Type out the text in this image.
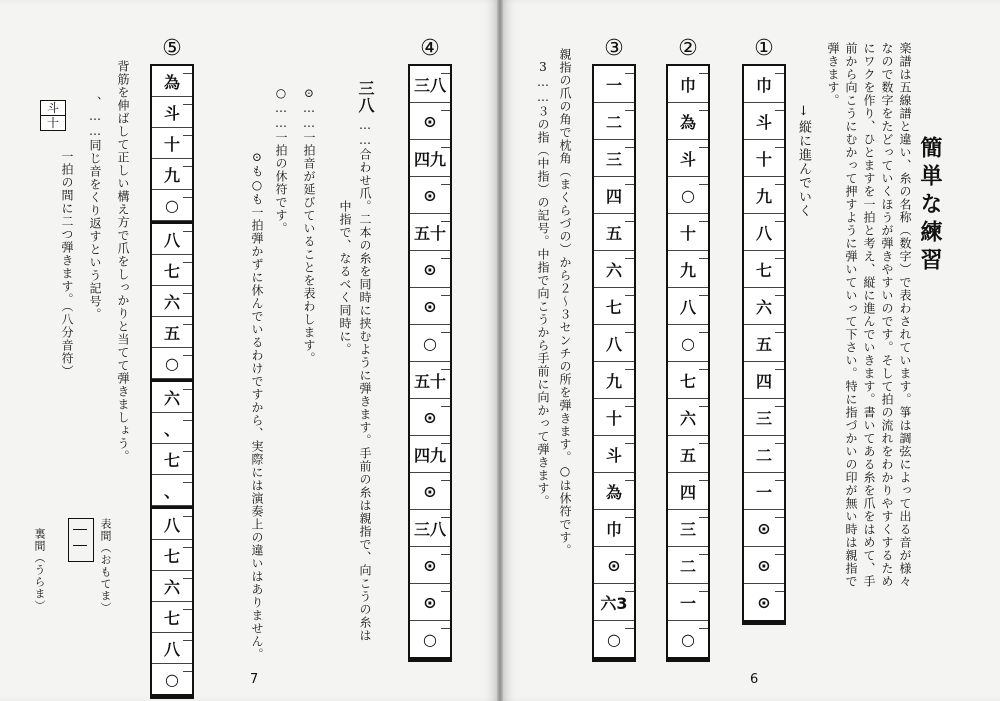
簡単な練習
楽譜は五線譜と違い、糸の名称（数字）で表わされています。箏は調弦によって出る音が様々
なので数字をたどっていくほうが弾きやすいのです。そして拍の流れをわかりやすくするため
にワクを作り、ひとますを一拍と考え、縦に進んでいきます。書いてある糸を爪をはめて、手
前から向こうにむかって押すように弾いていって下さい。特に指づかいの印が無い時は親指で
弾きます。
↓縦に進んでいく
①
巾
斗
十
九
八
七
六
五
四
三
二
一
⊙
⊙
⊙
②
巾
為
斗
○
十
九
八
○
七
六
五
四
三
二
一
○
③
一
二
三
四
五
六
七
八
九
十
斗
為
巾
⊙
六3
○
親指の爪の角で枕角（まくらづの）から２～３センチの所を弾きます。○は休符です。
3……３の指（中指）の記号。中指で向こうから手前に向かって弾きます。
6
④
三八
⊙
四九
⊙
五十
⊙
⊙
○
五十
⊙
四九
⊙
三八
⊙
⊙
○
三八
……合わせ爪。二本の糸を同時に挟むように弾きます。手前の糸は親指で、向こうの糸は
中指で、なるべく同時に。
⊙……一拍音が延びていることを表わします。
○……一拍の休符です。
⊙も○も一拍弾かずに休んでいるわけですから、実際には演奏上の違いはありません。
⑤
為
斗
十
九
○
八
七
六
五
○
六
、
七
、
八
七
六
七
八
○
背筋を伸ばして正しい構え方で爪をしっかりと当てて弾きましょう。
、……同じ音をくり返すという記号。
斗
十
一拍の間に二つ弾きます。（八分音符）
表間（おもてま）
裏間（うらま）
7
